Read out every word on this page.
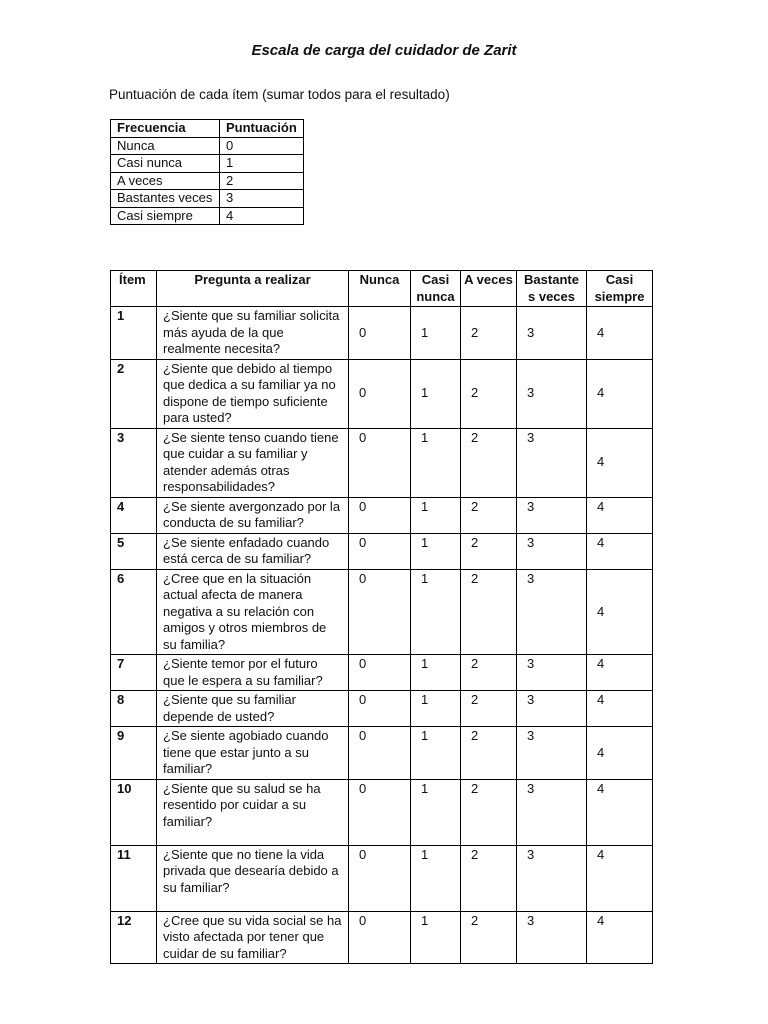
Escala de carga del cuidador de Zarit
Puntuación de cada ítem (sumar todos para el resultado)
Frecuencia	Puntuación
Nunca	0
Casi nunca	1
A veces	2
Bastantes veces	3
Casi siempre	4
Ítem	Pregunta a realizar	Nunca	Casi nunca	A veces	Bastante s veces	Casi siempre
1	¿Siente que su familiar solicita más ayuda de la que realmente necesita?	0	1	2	3	4
2	¿Siente que debido al tiempo que dedica a su familiar ya no dispone de tiempo suficiente para usted?	0	1	2	3	4
3	¿Se siente tenso cuando tiene que cuidar a su familiar y atender además otras responsabilidades?	0	1	2	3	4
4	¿Se siente avergonzado por la conducta de su familiar?	0	1	2	3	4
5	¿Se siente enfadado cuando está cerca de su familiar?	0	1	2	3	4
6	¿Cree que en la situación actual afecta de manera negativa a su relación con amigos y otros miembros de su familia?	0	1	2	3	4
7	¿Siente temor por el futuro que le espera a su familiar?	0	1	2	3	4
8	¿Siente que su familiar depende de usted?	0	1	2	3	4
9	¿Se siente agobiado cuando tiene que estar junto a su familiar?	0	1	2	3	4
10	¿Siente que su salud se ha resentido por cuidar a su familiar?	0	1	2	3	4
11	¿Siente que no tiene la vida privada que desearía debido a su familiar?	0	1	2	3	4
12	¿Cree que su vida social se ha visto afectada por tener que cuidar de su familiar?	0	1	2	3	4
